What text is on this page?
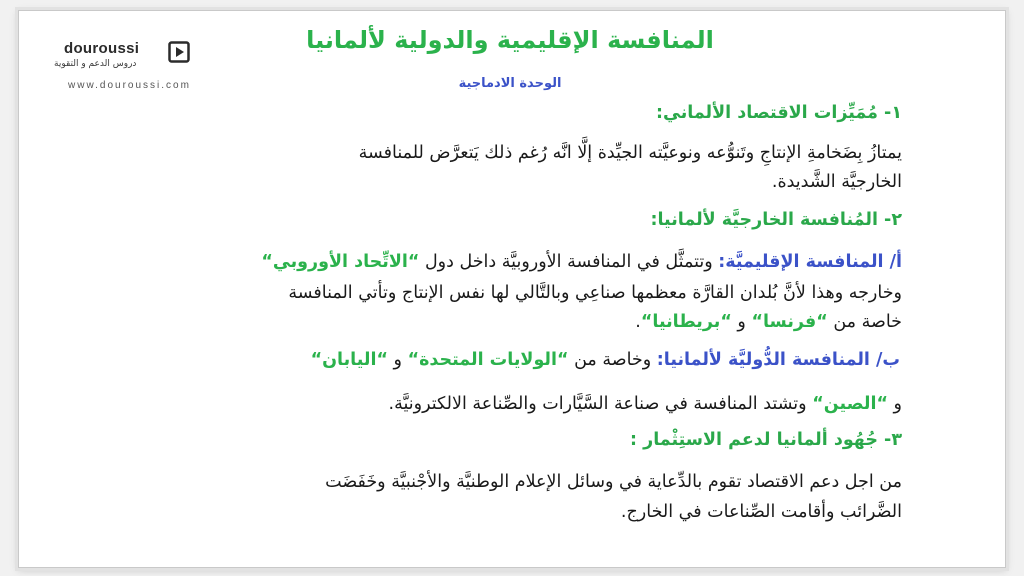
douroussi
دروس الدعم و التقوية
www.douroussi.com
المنافسة الإقليمية والدولية لألمانيا
الوحدة الادماجية
١- مُمَيِّزات الاقتصاد الألماني:
يمتازُ بِضَخامةِ الإنتاجِ وتَنوُّعه ونوعيَّته الجيِّدة إلَّا انَّه رُغم ذلك يَتعرَّض للمنافسة
الخارجيَّة الشَّديدة.
٢- المُنافسة الخارجيَّة لألمانيا:
أ/ المنافسة الإقليميَّة: وتتمثَّل في المنافسة الأوروبيَّة داخل دول “الاتِّحاد الأوروبي“
وخارجه وهذا لأنَّ بُلدان القارَّة معظمها صناعِي وبالتَّالي لها نفس الإنتاج وتأتي المنافسة
خاصة من “فرنسا“ و “بريطانيا“.
ب/ المنافسة الدُّوليَّة لألمانيا: وخاصة من “الولايات المتحدة“ و “اليابان“
و “الصين“ وتشتد المنافسة في صناعة السَّيَّارات والصِّناعة الالكترونيَّة.
٣- جُهُود ألمانيا لدعم الاستِثْمار :
من اجل دعم الاقتصاد تقوم بالدِّعاية في وسائل الإعلام الوطنيَّة والأجْنبيَّة وخَفَضَت
الضَّرائب وأقامت الصِّناعات في الخارج.
